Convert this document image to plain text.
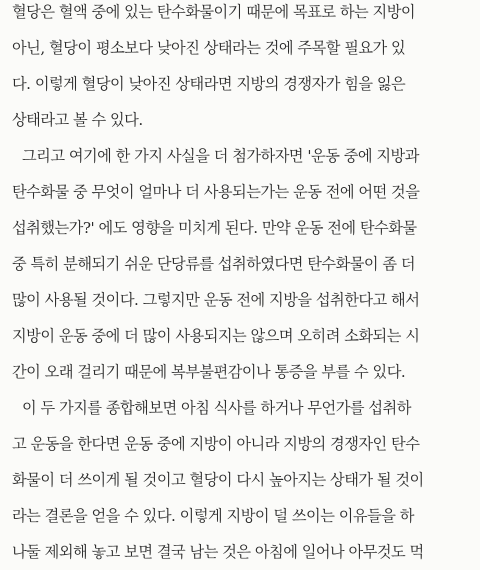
혈당은 혈액 중에 있는 탄수화물이기 때문에 목표로 하는 지방이
아닌, 혈당이 평소보다 낮아진 상태라는 것에 주목할 필요가 있
다. 이렇게 혈당이 낮아진 상태라면 지방의 경쟁자가 힘을 잃은
상태라고 볼 수 있다.
그리고 여기에 한 가지 사실을 더 첨가하자면 '운동 중에 지방과
탄수화물 중 무엇이 얼마나 더 사용되는가는 운동 전에 어떤 것을
섭취했는가?' 에도 영향을 미치게 된다. 만약 운동 전에 탄수화물
중 특히 분해되기 쉬운 단당류를 섭취하였다면 탄수화물이 좀 더
많이 사용될 것이다. 그렇지만 운동 전에 지방을 섭취한다고 해서
지방이 운동 중에 더 많이 사용되지는 않으며 오히려 소화되는 시
간이 오래 걸리기 때문에 복부불편감이나 통증을 부를 수 있다.
이 두 가지를 종합해보면 아침 식사를 하거나 무언가를 섭취하
고 운동을 한다면 운동 중에 지방이 아니라 지방의 경쟁자인 탄수
화물이 더 쓰이게 될 것이고 혈당이 다시 높아지는 상태가 될 것이
라는 결론을 얻을 수 있다. 이렇게 지방이 덜 쓰이는 이유들을 하
나둘 제외해 놓고 보면 결국 남는 것은 아침에 일어나 아무것도 먹
